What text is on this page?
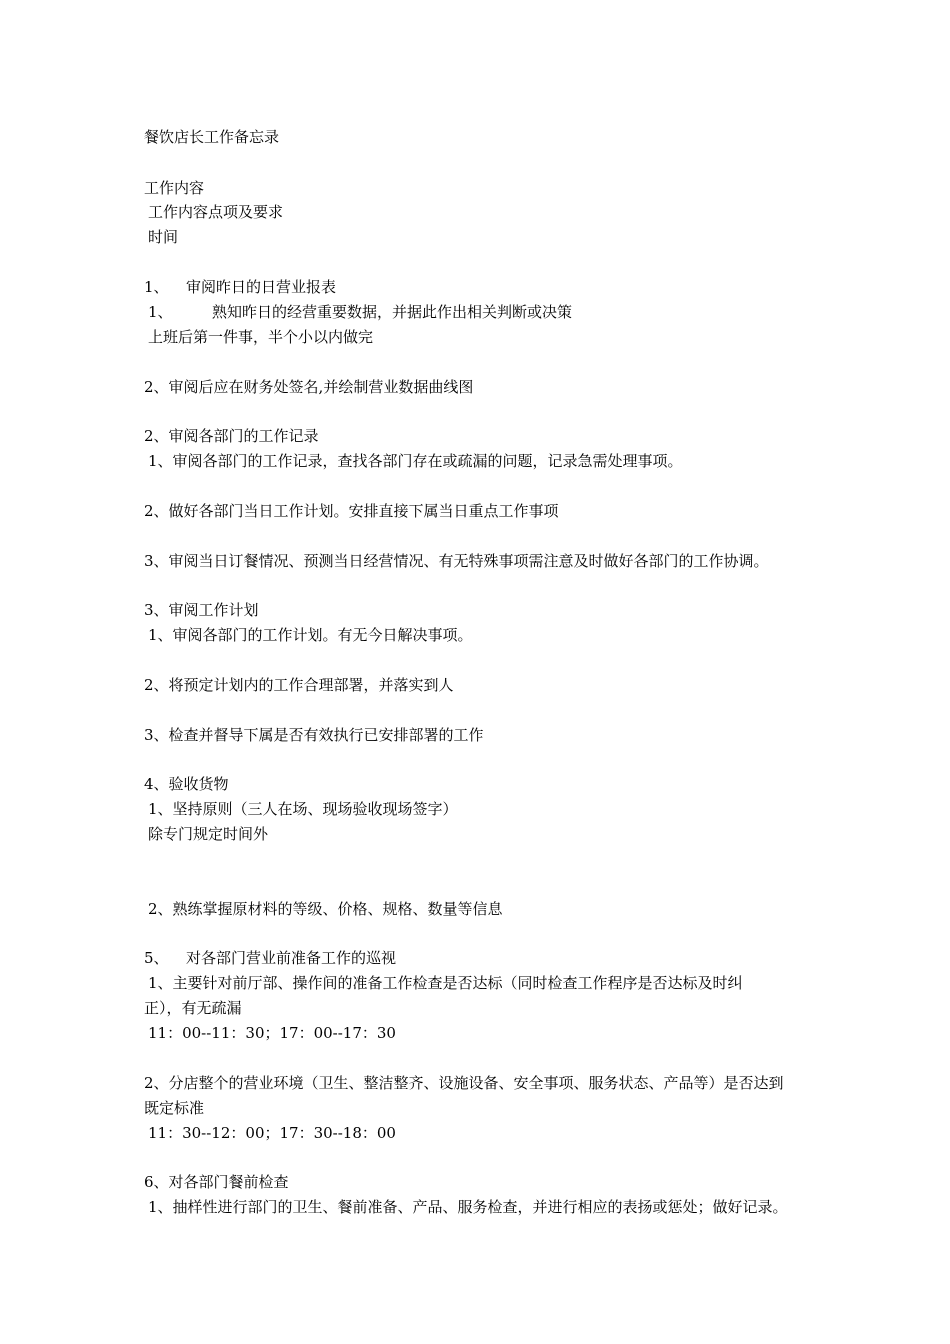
餐饮店长工作备忘录
工作内容
工作内容点项及要求
时间
1、 审阅昨日的日营业报表
1、	熟知昨日的经营重要数据，并据此作出相关判断或决策
上班后第一件事，半个小以内做完
2、审阅后应在财务处签名,并绘制营业数据曲线图
2、审阅各部门的工作记录
1、审阅各部门的工作记录，查找各部门存在或疏漏的问题，记录急需处理事项。
2、做好各部门当日工作计划。安排直接下属当日重点工作事项
3、审阅当日订餐情况、预测当日经营情况、有无特殊事项需注意及时做好各部门的工作协调。
3、审阅工作计划
1、审阅各部门的工作计划。有无今日解决事项。
2、将预定计划内的工作合理部署，并落实到人
3、检查并督导下属是否有效执行已安排部署的工作
4、验收货物
1、坚持原则（三人在场、现场验收现场签字）
除专门规定时间外
2、熟练掌握原材料的等级、价格、规格、数量等信息
5、 对各部门营业前准备工作的巡视
1、主要针对前厅部、操作间的准备工作检查是否达标（同时检查工作程序是否达标及时纠
正），有无疏漏
11：00--11：30；17：00--17：30
2、分店整个的营业环境（卫生、整洁整齐、设施设备、安全事项、服务状态、产品等）是否达到
既定标准
11：30--12：00；17：30--18：00
6、对各部门餐前检查
1、抽样性进行部门的卫生、餐前准备、产品、服务检查，并进行相应的表扬或惩处；做好记录。
